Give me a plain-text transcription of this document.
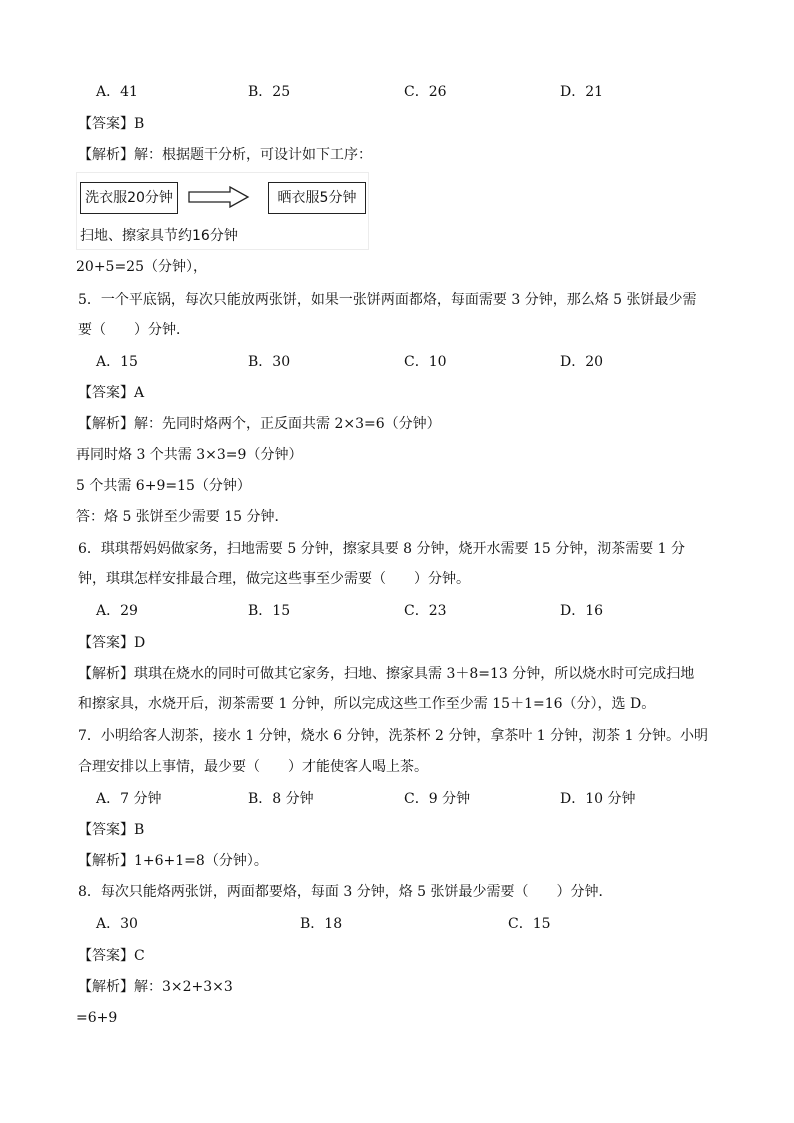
A．41	B．25	C．26	D．21
【答案】B
【解析】解：根据题干分析，可设计如下工序：
洗衣服20分钟	晒衣服5分钟
扫地、擦家具节约16分钟
20+5=25（分钟），
5．一个平底锅，每次只能放两张饼，如果一张饼两面都烙，每面需要 3 分钟，那么烙 5 张饼最少需
要（　　）分钟．
A．15	B．30	C．10	D．20
【答案】A
【解析】解：先同时烙两个，正反面共需 2×3=6（分钟）
再同时烙 3 个共需 3×3=9（分钟）
5 个共需 6+9=15（分钟）
答：烙 5 张饼至少需要 15 分钟．
6．琪琪帮妈妈做家务，扫地需要 5 分钟，擦家具要 8 分钟，烧开水需要 15 分钟，沏茶需要 1 分
钟，琪琪怎样安排最合理，做完这些事至少需要（　　）分钟。
A．29	B．15	C．23	D．16
【答案】D
【解析】琪琪在烧水的同时可做其它家务，扫地、擦家具需 3＋8=13 分钟，所以烧水时可完成扫地
和擦家具，水烧开后，沏茶需要 1 分钟，所以完成这些工作至少需 15＋1=16（分），选 D。
7．小明给客人沏茶，接水 1 分钟，烧水 6 分钟，洗茶杯 2 分钟，拿茶叶 1 分钟，沏茶 1 分钟。小明
合理安排以上事情，最少要（　　）才能使客人喝上茶。
A．7 分钟	B．8 分钟	C．9 分钟	D．10 分钟
【答案】B
【解析】1+6+1=8（分钟）。
8．每次只能烙两张饼，两面都要烙，每面 3 分钟，烙 5 张饼最少需要（　　）分钟．
A．30	B．18	C．15
【答案】C
【解析】解：3×2+3×3
=6+9
